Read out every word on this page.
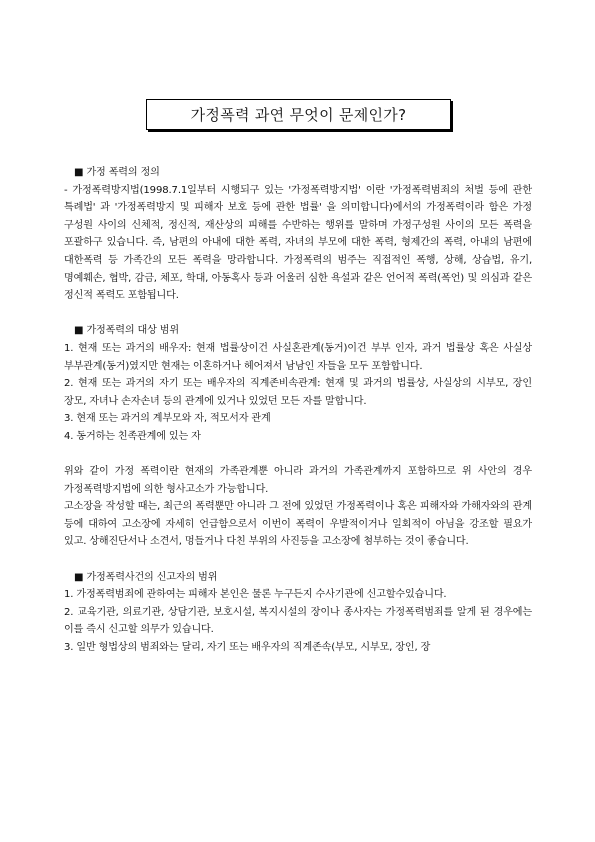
가정폭력 과연 무엇이 문제인가?

■ 가정 폭력의 정의

- 가정폭력방지법(1998.7.1일부터 시행되구 있는 '가정폭력방지법' 이란 '가정폭력범죄의 처벌 등에 관한 특례법' 과 '가정폭력방지 및 피해자 보호 등에 관한 법률' 을 의미합니다)에서의 가정폭력이라 함은 가정 구성원 사이의 신체적, 정신적, 재산상의 피해를 수반하는 행위를 말하며 가정구성원 사이의 모든 폭력을 포괄하구 있습니다. 즉, 남편의 아내에 대한 폭력, 자녀의 부모에 대한 폭력, 형제간의 폭력, 아내의 남편에 대한폭력 등 가족간의 모든 폭력을 망라합니다. 가정폭력의 범주는 직접적인 폭행, 상해, 상습법, 유기, 명예훼손, 협박, 감금, 체포, 학대, 아동혹사 등과 어울러 심한 욕설과 같은 언어적 폭력(폭언) 및 의심과 같은 정신적 폭력도 포함됩니다.

■ 가정폭력의 대상 범위

1. 현재 또는 과거의 배우자: 현재 법률상이건 사실혼관계(동거)이건 부부 인자, 과거 법률상 혹은 사실상 부부관계(동거)였지만 현재는 이혼하거나 헤어져서 남남인 자들을 모두 포함합니다.

2. 현재 또는 과거의 자기 또는 배우자의 직계존비속관계: 현재 및 과거의 법률상, 사실상의 시부모, 장인 장모, 자녀나 손자손녀 등의 관계에 있거나 있었던 모든 자를 말합니다.

3. 현재 또는 과거의 계부모와 자, 적모서자 관계

4. 동거하는 친족관계에 있는 자

위와 같이 가정 폭력이란 현재의 가족관계뿐 아니라 과거의 가족관계까지 포함하므로 위 사안의 경우 가정폭력방지법에 의한 형사고소가 가능합니다.

고소장을 작성할 때는, 최근의 폭력뿐만 아니라 그 전에 있었던 가정폭력이나 혹은 피해자와 가해자와의 관계 등에 대하여 고소장에 자세히 언급함으로서 이번이 폭력이 우발적이거나 일회적이 아님을 강조할 필요가 있고. 상해진단서나 소견서, 멍들거나 다친 부위의 사진등을 고소장에 첨부하는 것이 좋습니다.

■ 가정폭력사건의 신고자의 범위

1. 가정폭력범죄에 관하여는 피해자 본인은 물론 누구든지 수사기관에 신고할수있습니다.

2. 교육기관, 의료기관, 상담기관, 보호시설, 복지시설의 장이나 종사자는 가정폭력범죄를 알게 된 경우에는 이를 즉시 신고할 의무가 있습니다.

3. 일반 형법상의 범죄와는 달리, 자기 또는 배우자의 직계존속(부모, 시부모, 장인, 장
